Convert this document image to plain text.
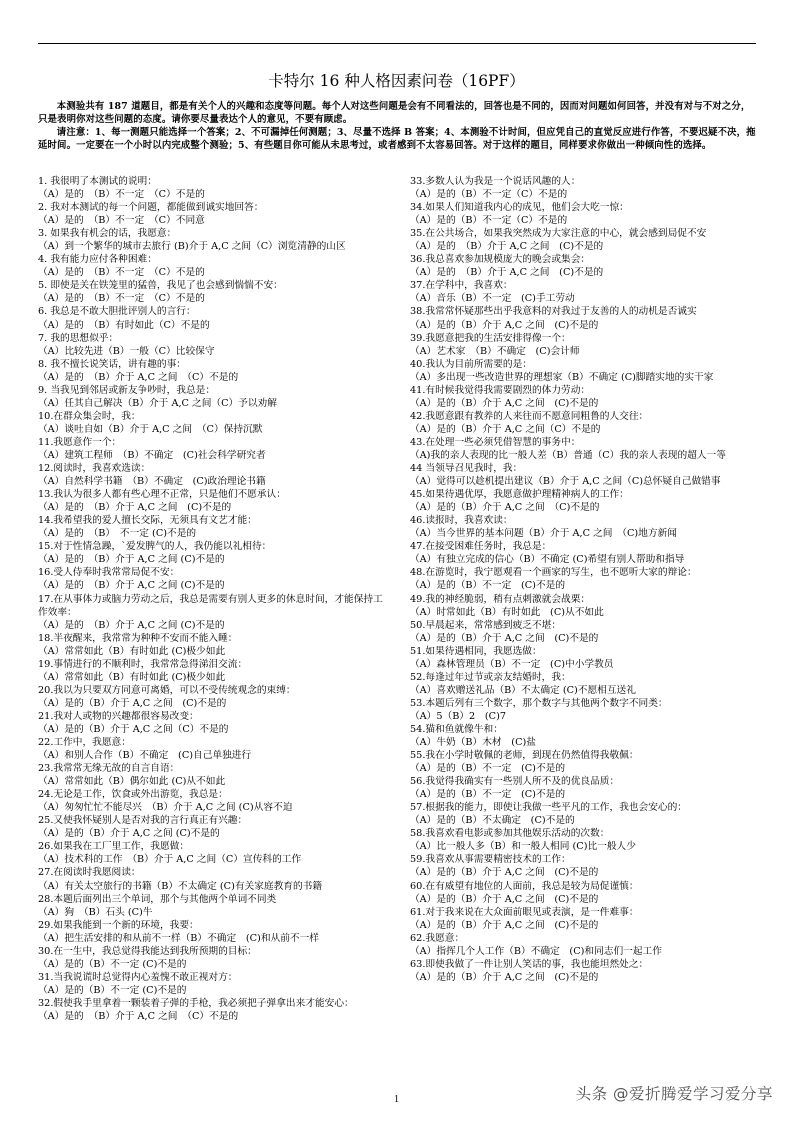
卡特尔 16 种人格因素问卷（16PF）

本测验共有 187 道题目，都是有关个人的兴趣和态度等问题。每个人对这些问题是会有不同看法的，回答也是不同的，因而对问题如何回答，并没有对与不对之分，只是表明你对这些问题的态度。请你要尽量表达个人的意见，不要有顾虑。

请注意：1、每一测题只能选择一个答案；2、不可漏掉任何测题；3、尽量不选择 B 答案；4、本测验不计时间，但应凭自己的直觉反应进行作答，不要迟疑不决，拖延时间。一定要在一个小时以内完成整个测验；5、有些题目你可能从未思考过，或者感到不太容易回答。对于这样的题目，同样要求你做出一种倾向性的选择。

1. 我很明了本测试的说明：
（A）是的　（B）不一定　（C）不是的
2. 我对本测试的每一个问题，都能做到诚实地回答：
（A）是的　（B）不一定　（C）不同意
3. 如果我有机会的话，我愿意：
（A）到一个繁华的城市去旅行 (B)介于 A,C 之间（C）浏览清静的山区
4. 我有能力应付各种困难：
（A）是的　（B）不一定　（C）不是的
5. 即使是关在铁笼里的猛兽，我见了也会感到惴惴不安：
（A）是的　（B）不一定　（C）不是的
6. 我总是不敢大胆批评别人的言行：
（A）是的　（B）有时如此（C）不是的
7. 我的思想似乎：
（A）比较先进（B）一般（C）比较保守
8. 我不擅长说笑话，讲有趣的事：
（A）是的　（B）介于 A,C 之间　（C）不是的
9. 当我见到邻居或新友争吵时，我总是：
（A）任其自己解决（B）介于 A,C 之间（C）予以劝解
10.在群众集会时，我：
（A）谈吐自如（B）介于 A,C 之间　（C）保持沉默
11.我愿意作一个：
（A）建筑工程师　（B）不确定　(C)社会科学研究者
12.阅读时，我喜欢选读：
（A）自然科学书籍　（B）不确定　(C)政治理论书籍
13.我认为很多人都有些心理不正常，只是他们不愿承认：
（A）是的　（B）介于 A,C 之间　(C)不是的
14.我希望我的爱人擅长交际，无须具有文艺才能：
（A）是的　（B）　不一定 (C)不是的
15.对于性情急躁，`爱发脾气的人，我仍能以礼相待：
（A）是的　（B）介于 A,C 之间 (C)不是的
16.受人侍奉时我常常局促不安：
（A）是的　（B）介于 A,C 之间 (C)不是的
17.在从事体力或脑力劳动之后，我总是需要有别人更多的休息时间，才能保持工作效率：
（A）是的　（B）介于 A,C 之间 (C)不是的
18.半夜醒来，我常常为种种不安而不能入睡：
（A）常常如此（B）有时如此 (C)极少如此
19.事情进行的不顺利时，我常常急得涕泪交流：
（A）常常如此（B）有时如此 (C)极少如此
20.我以为只要双方同意可离婚，可以不受传统观念的束缚：
（A）是的（B）介于 A,C 之间　(C)不是的
21.我对人或物的兴趣都很容易改变：
（A）是的（B）介于 A,C 之间（C）不是的
22.工作中，我愿意：
（A）和别人合作（B）不确定　(C)自己单独进行
23.我常常无缘无故的自言自语：
（A）常常如此（B）偶尔如此 (C)从不如此
24.无论是工作，饮食或外出游览，我总是：
（A）匆匆忙忙不能尽兴　（B）介于 A,C 之间 (C)从容不迫
25.又使我怀疑别人是否对我的言行真正有兴趣：
（A）是的（B）介于 A,C 之间 (C)不是的
26.如果我在工厂里工作，我愿做：
（A）技术科的工作　（B）介于 A,C 之间（C）宣传科的工作
27.在阅读时我愿阅读：
（A）有关太空旅行的书籍（B）不太确定 (C)有关家庭教育的书籍
28.本题后面列出三个单词，那个与其他两个单词不同类
（A）狗　（B）石头 (C)牛
29.如果我能到一个新的环境，我要：
（A）把生活安排的和从前不一样（B）不确定　(C)和从前不一样
30.在一生中，我总觉得我能达到我所预期的目标：
（A）是的（B）不一定 (C)不是的
31.当我说谎时总觉得内心羞愧不敢正视对方：
（A）是的（B）不一定 (C)不是的
32.假使我手里拿着一颗装着子弹的手枪，我必须把子弹拿出来才能安心：
（A）是的　（B）介于 A,C 之间　（C）不是的
33.多数人认为我是一个说话风趣的人：
（A）是的（B）不一定（C）不是的
34.如果人们知道我内心的成见，他们会大吃一惊：
（A）是的（B）不一定（C）不是的
35.在公共场合，如果我突然成为大家注意的中心，就会感到局促不安
（A）是的　（B）介于 A,C 之间　(C)不是的
36.我总喜欢参加规模庞大的晚会或集会：
（A）是的　（B）介于 A,C 之间　(C)不是的
37.在学科中，我喜欢：
（A）音乐（B）不一定　(C)手工劳动
38.我常常怀疑那些出乎我意料的对我过于友善的人的动机是否诚实
（A）是的（B）介于 A,C 之间　(C)不是的
39.我愿意把我的生活安排得像一个：
（A）艺术家　（B）不确定　(C)会计师
40.我认为目前所需要的是：
（A）多出现一些改造世界的理想家（B）不确定 (C)脚踏实地的实干家
41.有时候我觉得我需要剧烈的体力劳动：
（A）是的（B）介于 A,C 之间　(C)不是的
42.我愿意跟有教养的人来往而不愿意同粗鲁的人交往：
（A）是的（B）介于 A,C 之间（C）不是的
43.在处理一些必须凭借智慧的事务中：
（A)我的亲人表现的比一般人差（B）普通（C）我的亲人表现的超人一等
44 当领导召见我时，我：
（A）觉得可以趁机提出建议（B）介于 A,C 之间（C)总怀疑自己做错事
45.如果待遇优厚，我愿意做护理精神病人的工作：
（A）是的（B）介于 A,C 之间　（C)不是的
46.读报时，我喜欢读：
（A）当今世界的基本问题（B）介于 A,C 之间　（C)地方新闻
47.在接受困难任务时，我总是：
（A）有独立完成的信心（B）不确定 (C)希望有别人帮助和指导
48.在游览时，我宁愿观看一个画家的写生，也不愿听大家的辩论：
（A）是的（B）不一定　(C)不是的
49.我的神经脆弱，稍有点刺激就会战栗：
（A）时常如此（B）有时如此　(C)从不如此
50.早晨起来，常常感到疲乏不堪：
（A）是的（B）介于 A,C 之间　(C)不是的
51.如果待遇相同，我愿选做：
（A）森林管理员（B）不一定　(C)中小学教员
52.每逢过年过节或亲友结婚时，我：
（A）喜欢赠送礼品（B）不太确定 (C)不愿相互送礼
53.本题后列有三个数字，那个数字与其他两个数字不同类：
（A）5（B）2　(C)7
54.猫和鱼就像牛和：
（A）牛奶（B）木材　(C)盐
55.我在小学时敬佩的老师，到现在仍然值得我敬佩：
（A）是的（B）不一定　(C)不是的
56.我觉得我确实有一些别人所不及的优良品质：
（A）是的（B）不一定　(C)不是的
57.根据我的能力，即使让我做一些平凡的工作，我也会安心的：
（A）是的（B）不太确定　(C)不是的
58.我喜欢看电影或参加其他娱乐活动的次数：
（A）比一般人多（B）和一般人相同 (C)比一般人少
59.我喜欢从事需要精密技术的工作：
（A）是的（B）介于 A,C 之间　(C)不是的
60.在有威望有地位的人面前，我总是较为局促谨慎：
（A）是的（B）介于 A,C 之间　(C)不是的
61.对于我来说在大众面前眼见或表演，是一件难事：
（A）是的（B）介于 A,C 之间　(C)不是的
62.我愿意：
（A）指挥几个人工作（B）不确定　(C)和同志们一起工作
63.即使我做了一件让别人笑话的事，我也能坦然处之：
（A）是的（B）介于 A,C 之间　(C)不是的
1	头条 @爱折腾爱学习爱分享
